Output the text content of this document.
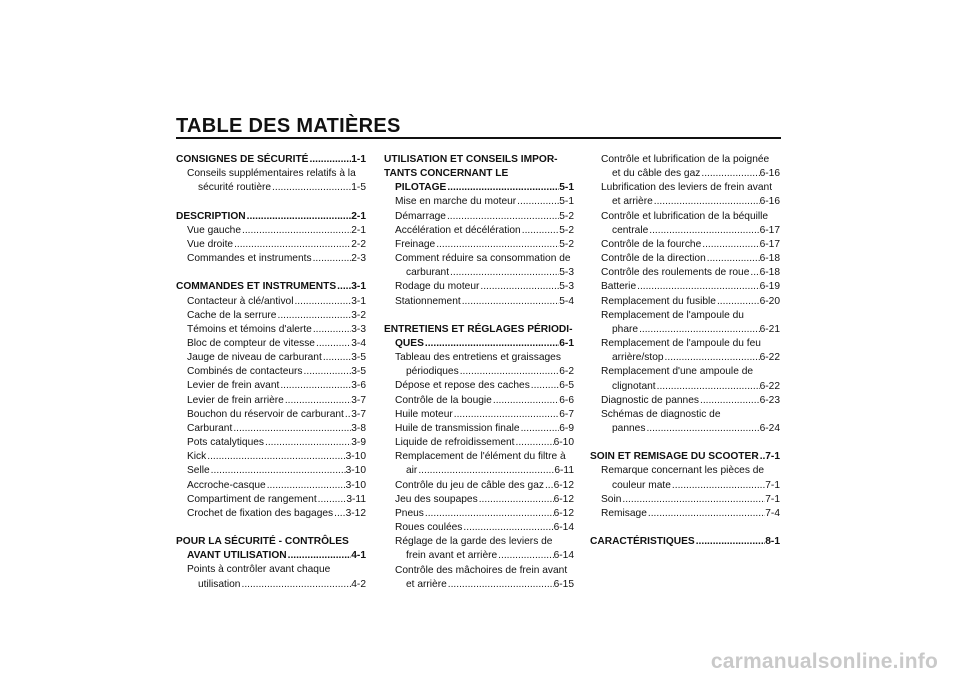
TABLE DES MATIÈRES
CONSIGNES DE SÉCURITÉ .....	1-1
Conseils supplémentaires relatifs à la
sécurité routière .....	1-5
DESCRIPTION .....	2-1
Vue gauche .....	2-1
Vue droite .....	2-2
Commandes et instruments .....	2-3
COMMANDES ET INSTRUMENTS ..... 3-1
Contacteur à clé/antivol .....	3-1
Cache de la serrure .....	3-2
Témoins et témoins d'alerte .....	3-3
Bloc de compteur de vitesse .....	3-4
Jauge de niveau de carburant .....	3-5
Combinés de contacteurs .....	3-5
Levier de frein avant .....	3-6
Levier de frein arrière .....	3-7
Bouchon du réservoir de carburant ..... 3-7
Carburant .....	3-8
Pots catalytiques .....	3-9
Kick .....	3-10
Selle .....	3-10
Accroche-casque .....	3-10
Compartiment de rangement .....	3-11
Crochet de fixation des bagages ..... 3-12
POUR LA SÉCURITÉ - CONTRÔLES
AVANT UTILISATION .....	4-1
Points à contrôler avant chaque
utilisation .....	4-2
UTILISATION ET CONSEILS IMPOR-
TANTS CONCERNANT LE
PILOTAGE .....	5-1
Mise en marche du moteur .....	5-1
Démarrage .....	5-2
Accélération et décélération .....	5-2
Freinage .....	5-2
Comment réduire sa consommation de
carburant .....	5-3
Rodage du moteur .....	5-3
Stationnement .....	5-4
ENTRETIENS ET RÉGLAGES PÉRIODI-
QUES .....	6-1
Tableau des entretiens et graissages
périodiques .....	6-2
Dépose et repose des caches .....	6-5
Contrôle de la bougie .....	6-6
Huile moteur .....	6-7
Huile de transmission finale .....	6-9
Liquide de refroidissement .....	6-10
Remplacement de l'élément du filtre à
air .....	6-11
Contrôle du jeu de câble des gaz ..... 6-12
Jeu des soupapes .....	6-12
Pneus .....	6-12
Roues coulées .....	6-14
Réglage de la garde des leviers de
frein avant et arrière .....	6-14
Contrôle des mâchoires de frein avant
et arrière .....	6-15
Contrôle et lubrification de la poignée
et du câble des gaz .....	6-16
Lubrification des leviers de frein avant
et arrière .....	6-16
Contrôle et lubrification de la béquille
centrale .....	6-17
Contrôle de la fourche .....	6-17
Contrôle de la direction .....	6-18
Contrôle des roulements de roue ..... 6-18
Batterie .....	6-19
Remplacement du fusible .....	6-20
Remplacement de l'ampoule du
phare .....	6-21
Remplacement de l'ampoule du feu
arrière/stop .....	6-22
Remplacement d'une ampoule de
clignotant .....	6-22
Diagnostic de pannes .....	6-23
Schémas de diagnostic de
pannes .....	6-24
SOIN ET REMISAGE DU SCOOTER ..... 7-1
Remarque concernant les pièces de
couleur mate .....	7-1
Soin .....	7-1
Remisage .....	7-4
CARACTÉRISTIQUES .....	8-1
carmanualsonline.info
